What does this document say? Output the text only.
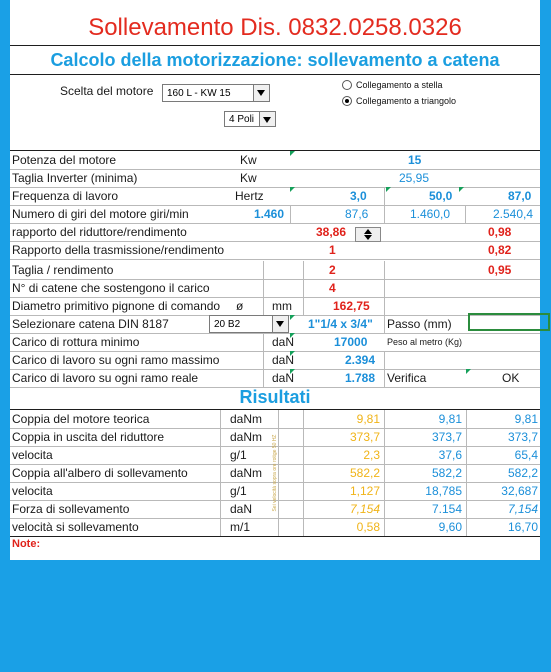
Sollevamento Dis. 0832.0258.0326
Calcolo della motorizzazione: sollevamento a catena
Scelta del motore 160 L - KW 15
4 Poli
Collegamento a stella
Collegamento a triangolo
Potenza del motore	Kw	15
Taglia Inverter (minima)	Kw	25,95
Frequenza di lavoro	Hertz	3,0	50,0	87,0
Numero di giri del motore giri/min	1.460	87,6	1.460,0	2.540,4
rapporto del riduttore/rendimento	38,86	0,98
Rapporto della trasmissione/rendimento	1	0,82
Taglia / rendimento	2	0,95
N° di catene che sostengono il carico	4
Diametro primitivo pignone di comando ø mm	162,75
Selezionare catena DIN 8187	1"1/4 x 3/4" Passo (mm)
20 B2
Carico di rottura minimo	daN	17000 Peso al metro (Kg)
Carico di lavoro su ogni ramo massimo	daN	2.394
Carico di lavoro su ogni ramo reale	daN	1.788 Verifica	OK
Risultati
Coppia del motore teorica	daNm	9,81	9,81	9,81
Coppia in uscita del riduttore	daNm	373,7	373,7	373,7
velocita	g/1	2,3	37,6	65,4
Coppia all'albero di sollevamento	daNm	582,2	582,2	582,2
velocita	g/1	1,127	18,785	32,687
Forza di sollevamento	daN	7,154	7.154	7,154
velocità si sollevamento	m/1	0,58	9,60	16,70
Sei velocità sopra ore rotige 50 HZ
Note:
